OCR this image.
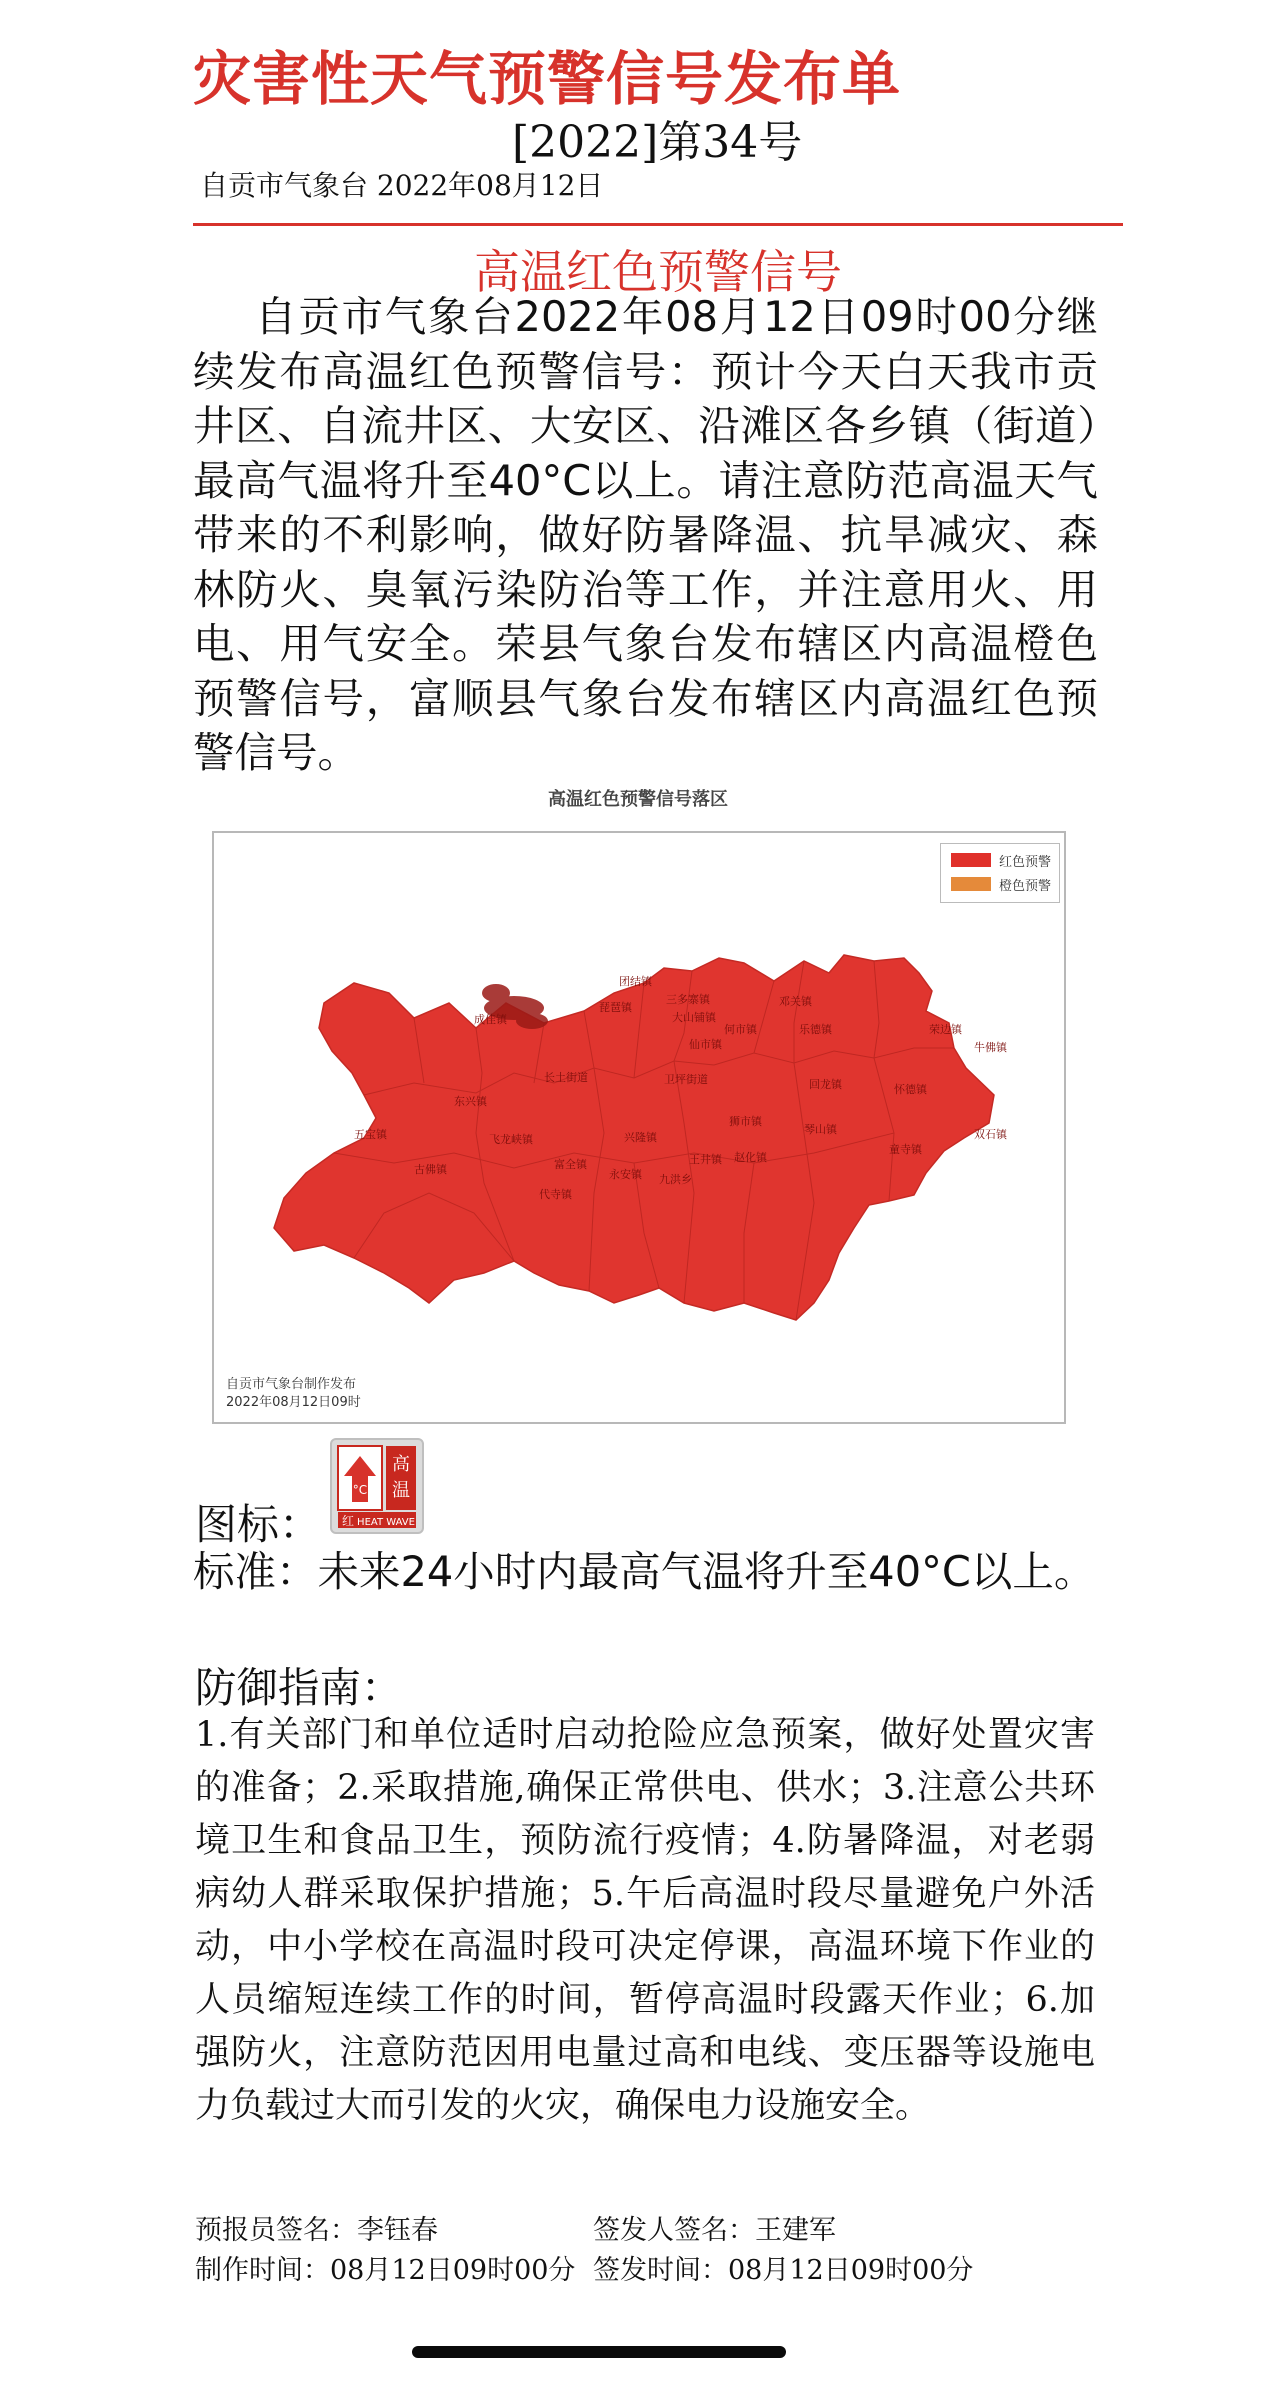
灾害性天气预警信号发布单
[2022]第34号
自贡市气象台 2022年08月12日
高温红色预警信号
自贡市气象台2022年08月12日09时00分继续发布高温红色预警信号：预计今天白天我市贡井区、自流井区、大安区、沿滩区各乡镇（街道）最高气温将升至40°C以上。请注意防范高温天气带来的不利影响，做好防暑降温、抗旱减灾、森林防火、臭氧污染防治等工作，并注意用火、用电、用气安全。荣县气象台发布辖区内高温橙色预警信号，富顺县气象台发布辖区内高温红色预警信号。
高温红色预警信号落区
成佳镇
团结镇
三多寨镇	邓关镇
大山铺镇
牛佛镇
琵琶镇
乐德镇
卫坪街道
仙市镇
何市镇
回龙镇
五宝镇
长土街道
兴隆镇
狮市镇
富全镇
永安镇
代寺镇
王井镇
九洪乡
赵化镇
飞龙峡镇
琴山镇
怀德镇
古佛镇
童寺镇
双石镇
东兴镇
荣边镇
红色预警
橙色预警
自贡市气象台制作发布
2022年08月12日09时
图标：
°C
高
温
红 HEAT WAVE
标准：未来24小时内最高气温将升至40°C以上。
防御指南：
1.有关部门和单位适时启动抢险应急预案，做好处置灾害的准备；2.采取措施,确保正常供电、供水；3.注意公共环境卫生和食品卫生，预防流行疫情；4.防暑降温，对老弱病幼人群采取保护措施；5.午后高温时段尽量避免户外活动，中小学校在高温时段可决定停课，高温环境下作业的人员缩短连续工作的时间，暂停高温时段露天作业；6.加强防火，注意防范因用电量过高和电线、变压器等设施电力负载过大而引发的火灾，确保电力设施安全。
预报员签名：李钰春	签发人签名：王建军
制作时间：08月12日09时00分 签发时间：08月12日09时00分
